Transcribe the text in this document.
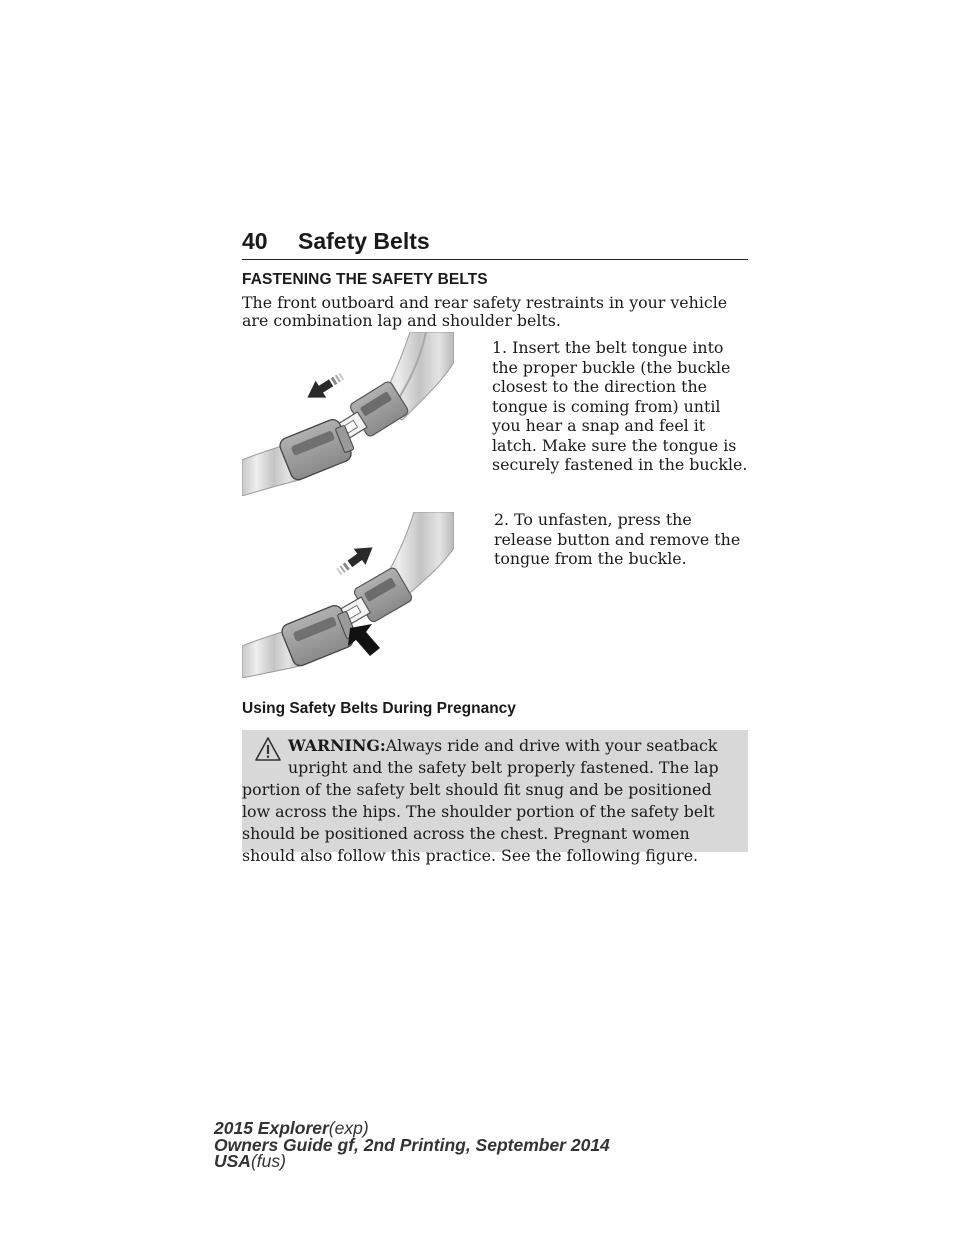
40 Safety Belts
FASTENING THE SAFETY BELTS
The front outboard and rear safety restraints in your vehicle are combination lap and shoulder belts.
1. Insert the belt tongue into the proper buckle (the buckle closest to the direction the tongue is coming from) until you hear a snap and feel it latch. Make sure the tongue is securely fastened in the buckle.
2. To unfasten, press the release button and remove the tongue from the buckle.
Using Safety Belts During Pregnancy
WARNING:Always ride and drive with your seatback upright and the safety belt properly fastened. The lap portion of the safety belt should fit snug and be positioned low across the hips. The shoulder portion of the safety belt should be positioned across the chest. Pregnant women should also follow this practice. See the following figure.
2015 Explorer(exp)
Owners Guide gf, 2nd Printing, September 2014
USA(fus)
